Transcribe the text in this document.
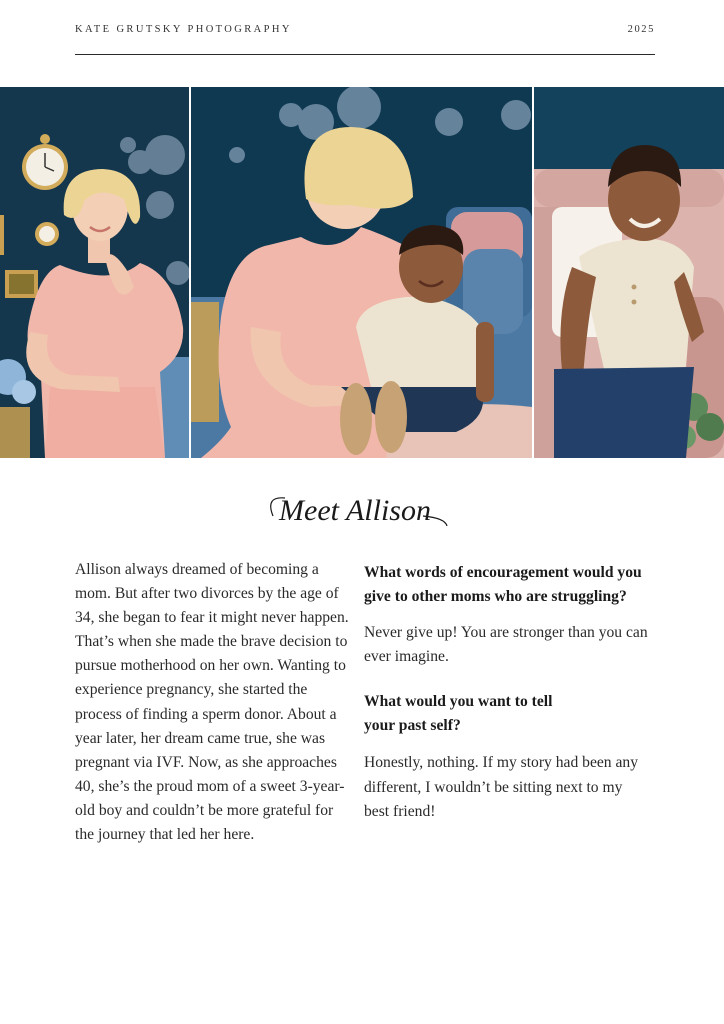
KATE GRUTSKY PHOTOGRAPHY	2025
Meet Allison
Allison always dreamed of becoming a mom. But after two divorces by the age of 34, she began to fear it might never happen. That’s when she made the brave decision to pursue motherhood on her own. Wanting to experience pregnancy, she started the process of finding a sperm donor. About a year later, her dream came true, she was pregnant via IVF. Now, as she approaches 40, she’s the proud mom of a sweet 3-year-old boy and couldn’t be more grateful for the journey that led her here.
What words of encouragement would you give to other moms who are struggling?
Never give up! You are stronger than you can ever imagine.
What would you want to tell your past self?
Honestly, nothing. If my story had been any different, I wouldn’t be sitting next to my best friend!
